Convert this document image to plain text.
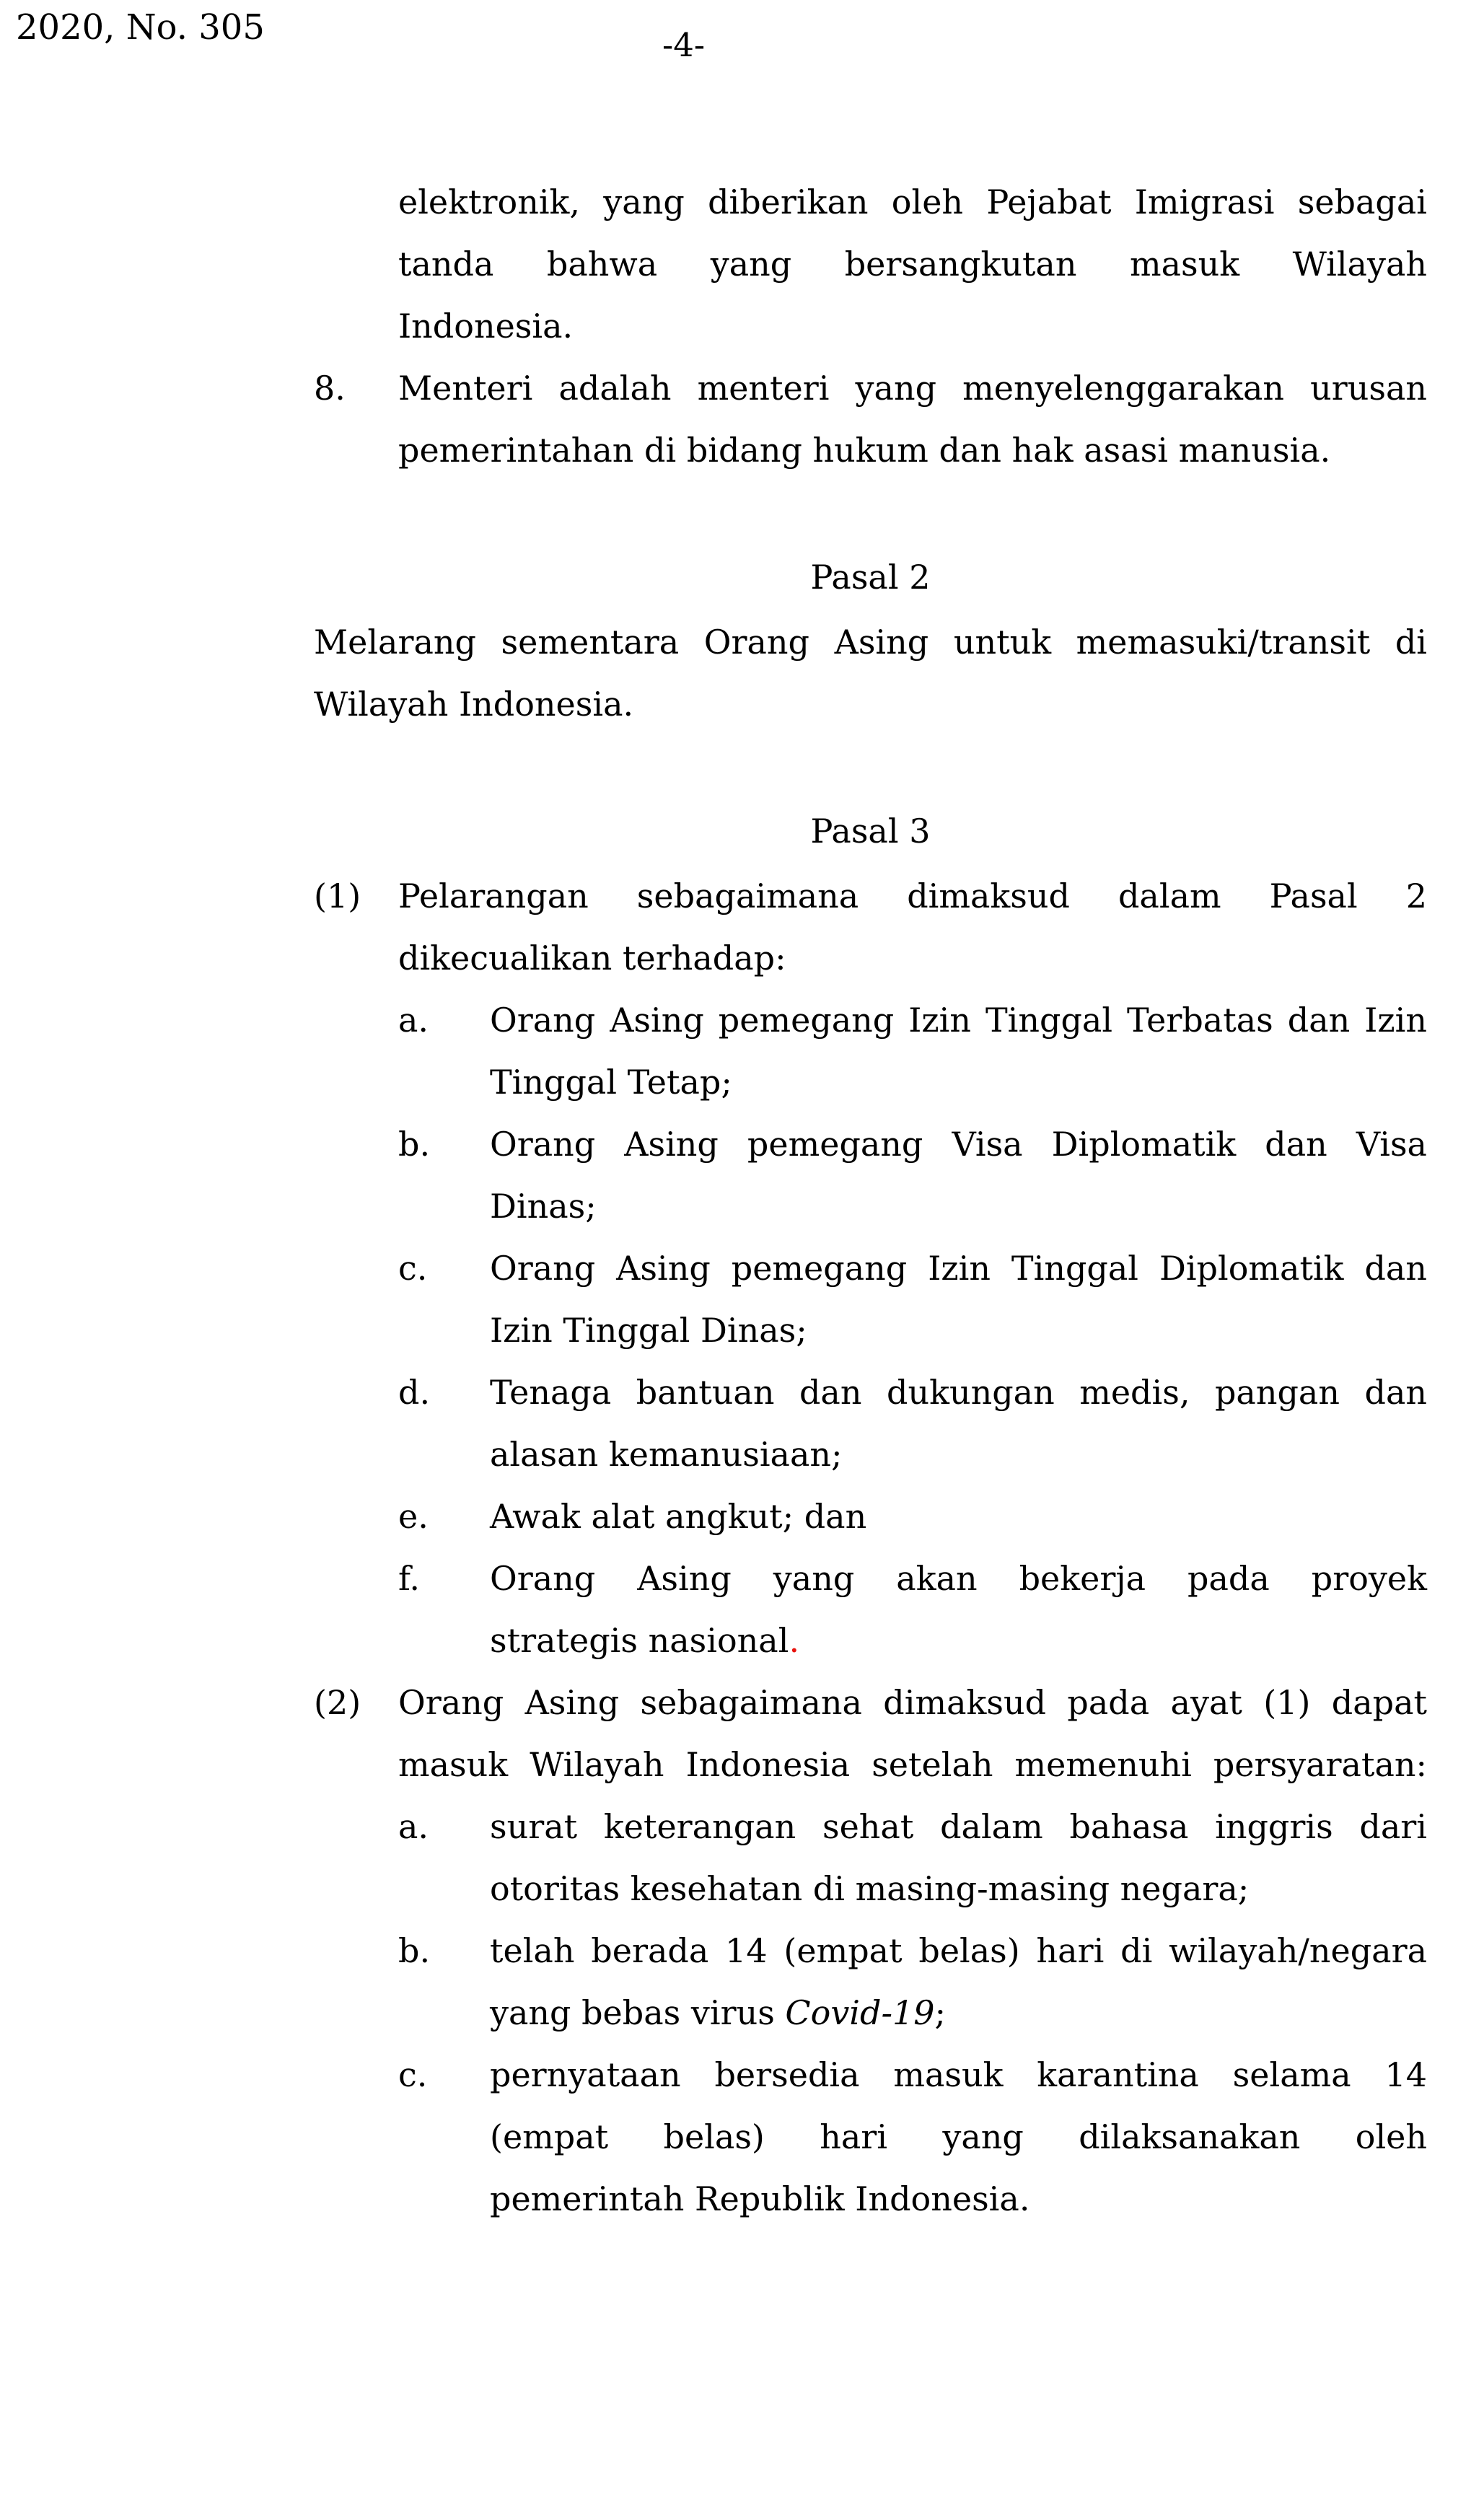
2020, No. 305	-4-
elektronik, yang diberikan oleh Pejabat Imigrasi sebagai
tanda bahwa yang bersangkutan masuk Wilayah
Indonesia.
8.	Menteri adalah menteri yang menyelenggarakan urusan
pemerintahan di bidang hukum dan hak asasi manusia.
Pasal 2
Melarang sementara Orang Asing untuk memasuki/transit di
Wilayah Indonesia.
Pasal 3
(1)	Pelarangan sebagaimana dimaksud dalam Pasal 2
dikecualikan terhadap:
a.	Orang Asing pemegang Izin Tinggal Terbatas dan Izin
Tinggal Tetap;
b.	Orang Asing pemegang Visa Diplomatik dan Visa
Dinas;
c.	Orang Asing pemegang Izin Tinggal Diplomatik dan
Izin Tinggal Dinas;
d.	Tenaga bantuan dan dukungan medis, pangan dan
alasan kemanusiaan;
e.	Awak alat angkut; dan
f.	Orang Asing yang akan bekerja pada proyek
strategis nasional.
(2)	Orang Asing sebagaimana dimaksud pada ayat (1) dapat
masuk Wilayah Indonesia setelah memenuhi persyaratan:
a.	surat keterangan sehat dalam bahasa inggris dari
otoritas kesehatan di masing-masing negara;
b.	telah berada 14 (empat belas) hari di wilayah/negara
yang bebas virus Covid-19;
c.	pernyataan bersedia masuk karantina selama 14
(empat belas) hari yang dilaksanakan oleh
pemerintah Republik Indonesia.
